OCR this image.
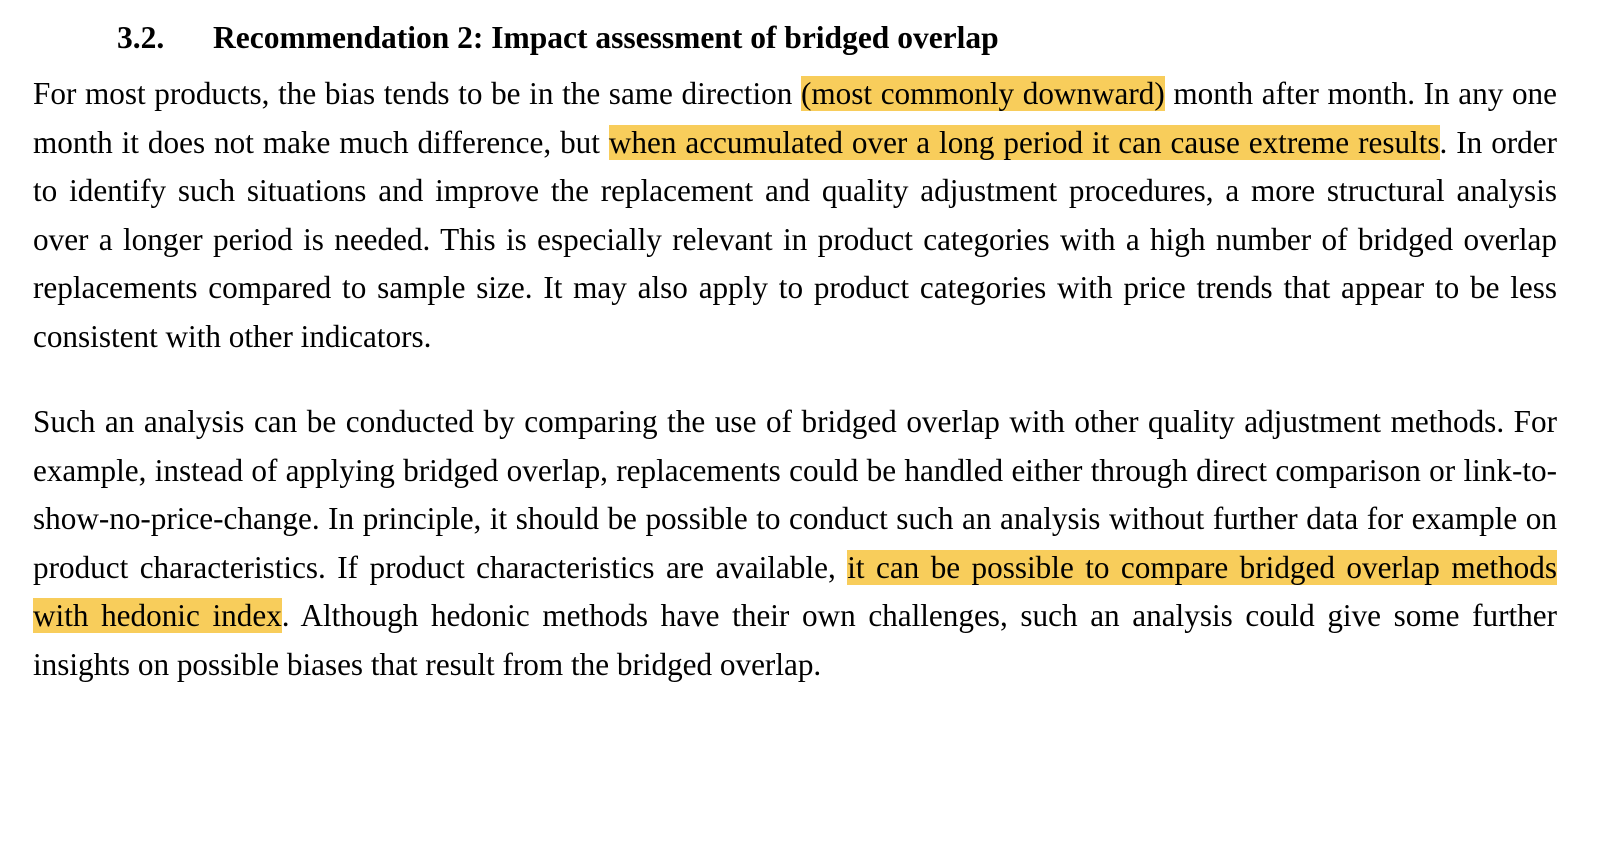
3.2. Recommendation 2: Impact assessment of bridged overlap

For most products, the bias tends to be in the same direction (most commonly downward) month after month. In any one month it does not make much difference, but when accumulated over a long period it can cause extreme results. In order to identify such situations and improve the replacement and quality adjustment procedures, a more structural analysis over a longer period is needed. This is especially relevant in product categories with a high number of bridged overlap replacements compared to sample size. It may also apply to product categories with price trends that appear to be less consistent with other indicators.

Such an analysis can be conducted by comparing the use of bridged overlap with other quality adjustment methods. For example, instead of applying bridged overlap, replacements could be handled either through direct comparison or link-to-show-no-price-change. In principle, it should be possible to conduct such an analysis without further data for example on product characteristics. If product characteristics are available, it can be possible to compare bridged overlap methods with hedonic index. Although hedonic methods have their own challenges, such an analysis could give some further insights on possible biases that result from the bridged overlap.
